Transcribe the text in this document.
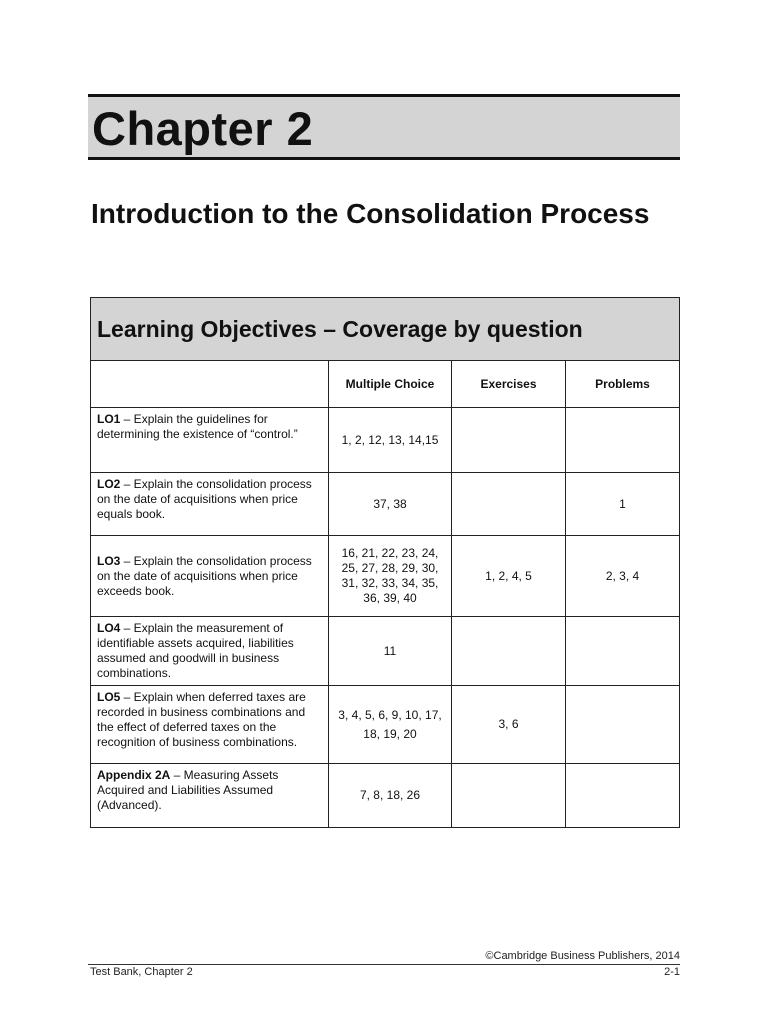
Chapter 2
Introduction to the Consolidation Process
Learning Objectives – Coverage by question			
	Multiple Choice	Exercises	Problems
LO1 – Explain the guidelines for determining the existence of “control.”	1, 2, 12, 13, 14,15		
LO2 – Explain the consolidation process on the date of acquisitions when price equals book.	37, 38		1
LO3 – Explain the consolidation process on the date of acquisitions when price exceeds book.	16, 21, 22, 23, 24, 25, 27, 28, 29, 30, 31, 32, 33, 34, 35, 36, 39, 40	1, 2, 4, 5	2, 3, 4
LO4 – Explain the measurement of identifiable assets acquired, liabilities assumed and goodwill in business combinations.	11		
LO5 – Explain when deferred taxes are recorded in business combinations and the effect of deferred taxes on the recognition of business combinations.	3, 4, 5, 6, 9, 10, 17, 18, 19, 20	3, 6	
Appendix 2A – Measuring Assets Acquired and Liabilities Assumed (Advanced).	7, 8, 18, 26		
©Cambridge Business Publishers, 2014
Test Bank, Chapter 2	2-1
